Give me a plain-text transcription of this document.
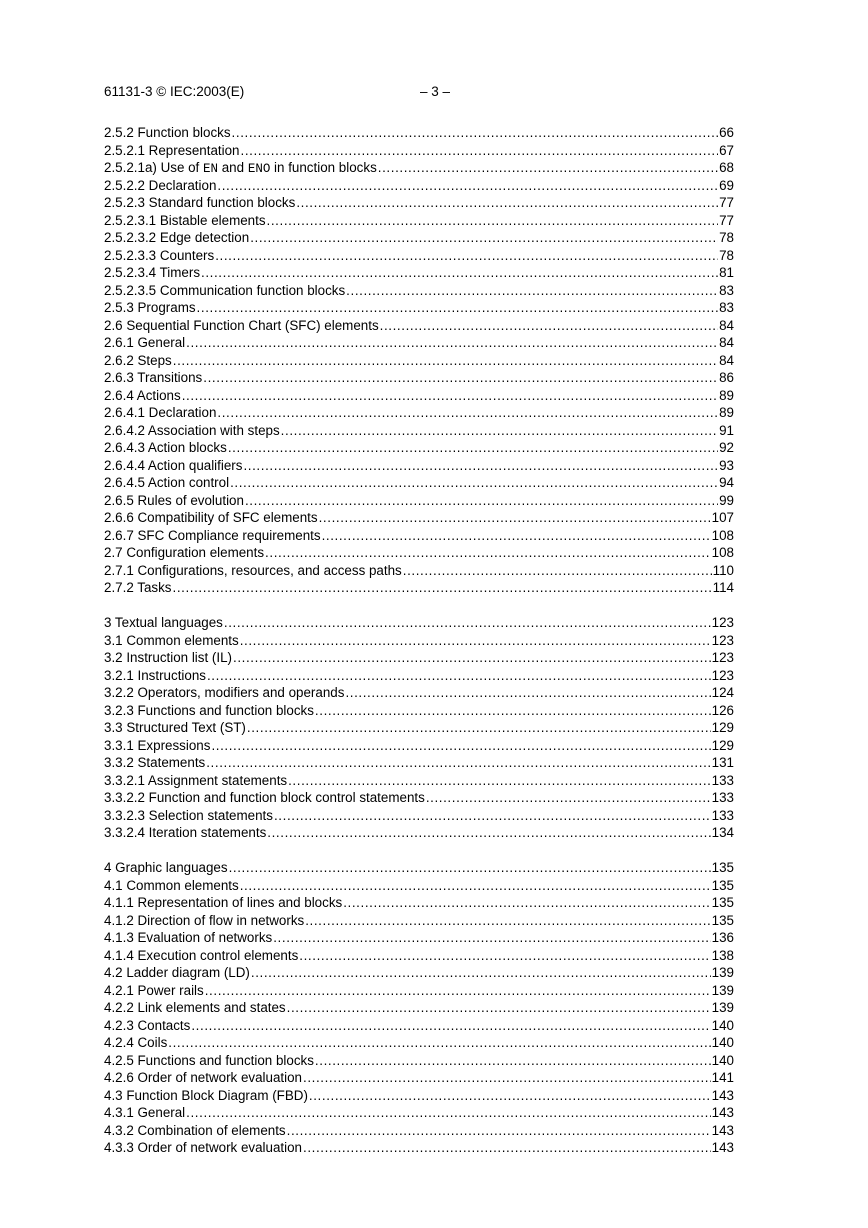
61131-3 © IEC:2003(E)	– 3 –
2.5.2 Function blocks .....	66
2.5.2.1 Representation .....	67
2.5.2.1a) Use of EN and ENO in function blocks .....	68
2.5.2.2 Declaration .....	69
2.5.2.3 Standard function blocks .....	77
2.5.2.3.1 Bistable elements .....	77
2.5.2.3.2 Edge detection .....	78
2.5.2.3.3 Counters .....	78
2.5.2.3.4 Timers .....	81
2.5.2.3.5 Communication function blocks .....	83
2.5.3 Programs .....	83
2.6 Sequential Function Chart (SFC) elements .....	84
2.6.1 General .....	84
2.6.2 Steps .....	84
2.6.3 Transitions .....	86
2.6.4 Actions .....	89
2.6.4.1 Declaration .....	89
2.6.4.2 Association with steps .....	91
2.6.4.3 Action blocks .....	92
2.6.4.4 Action qualifiers .....	93
2.6.4.5 Action control .....	94
2.6.5 Rules of evolution .....	99
2.6.6 Compatibility of SFC elements .....	107
2.6.7 SFC Compliance requirements .....	108
2.7 Configuration elements .....	108
2.7.1 Configurations, resources, and access paths .....	110
2.7.2 Tasks .....	114
3 Textual languages .....	123
3.1 Common elements .....	123
3.2 Instruction list (IL) .....	123
3.2.1 Instructions .....	123
3.2.2 Operators, modifiers and operands .....	124
3.2.3 Functions and function blocks .....	126
3.3 Structured Text (ST) .....	129
3.3.1 Expressions .....	129
3.3.2 Statements .....	131
3.3.2.1 Assignment statements .....	133
3.3.2.2 Function and function block control statements .....	133
3.3.2.3 Selection statements .....	133
3.3.2.4 Iteration statements .....	134
4 Graphic languages .....	135
4.1 Common elements .....	135
4.1.1 Representation of lines and blocks .....	135
4.1.2 Direction of flow in networks .....	135
4.1.3 Evaluation of networks .....	136
4.1.4 Execution control elements .....	138
4.2 Ladder diagram (LD) .....	139
4.2.1 Power rails .....	139
4.2.2 Link elements and states .....	139
4.2.3 Contacts .....	140
4.2.4 Coils .....	140
4.2.5 Functions and function blocks .....	140
4.2.6 Order of network evaluation .....	141
4.3 Function Block Diagram (FBD) .....	143
4.3.1 General .....	143
4.3.2 Combination of elements .....	143
4.3.3 Order of network evaluation .....	143
